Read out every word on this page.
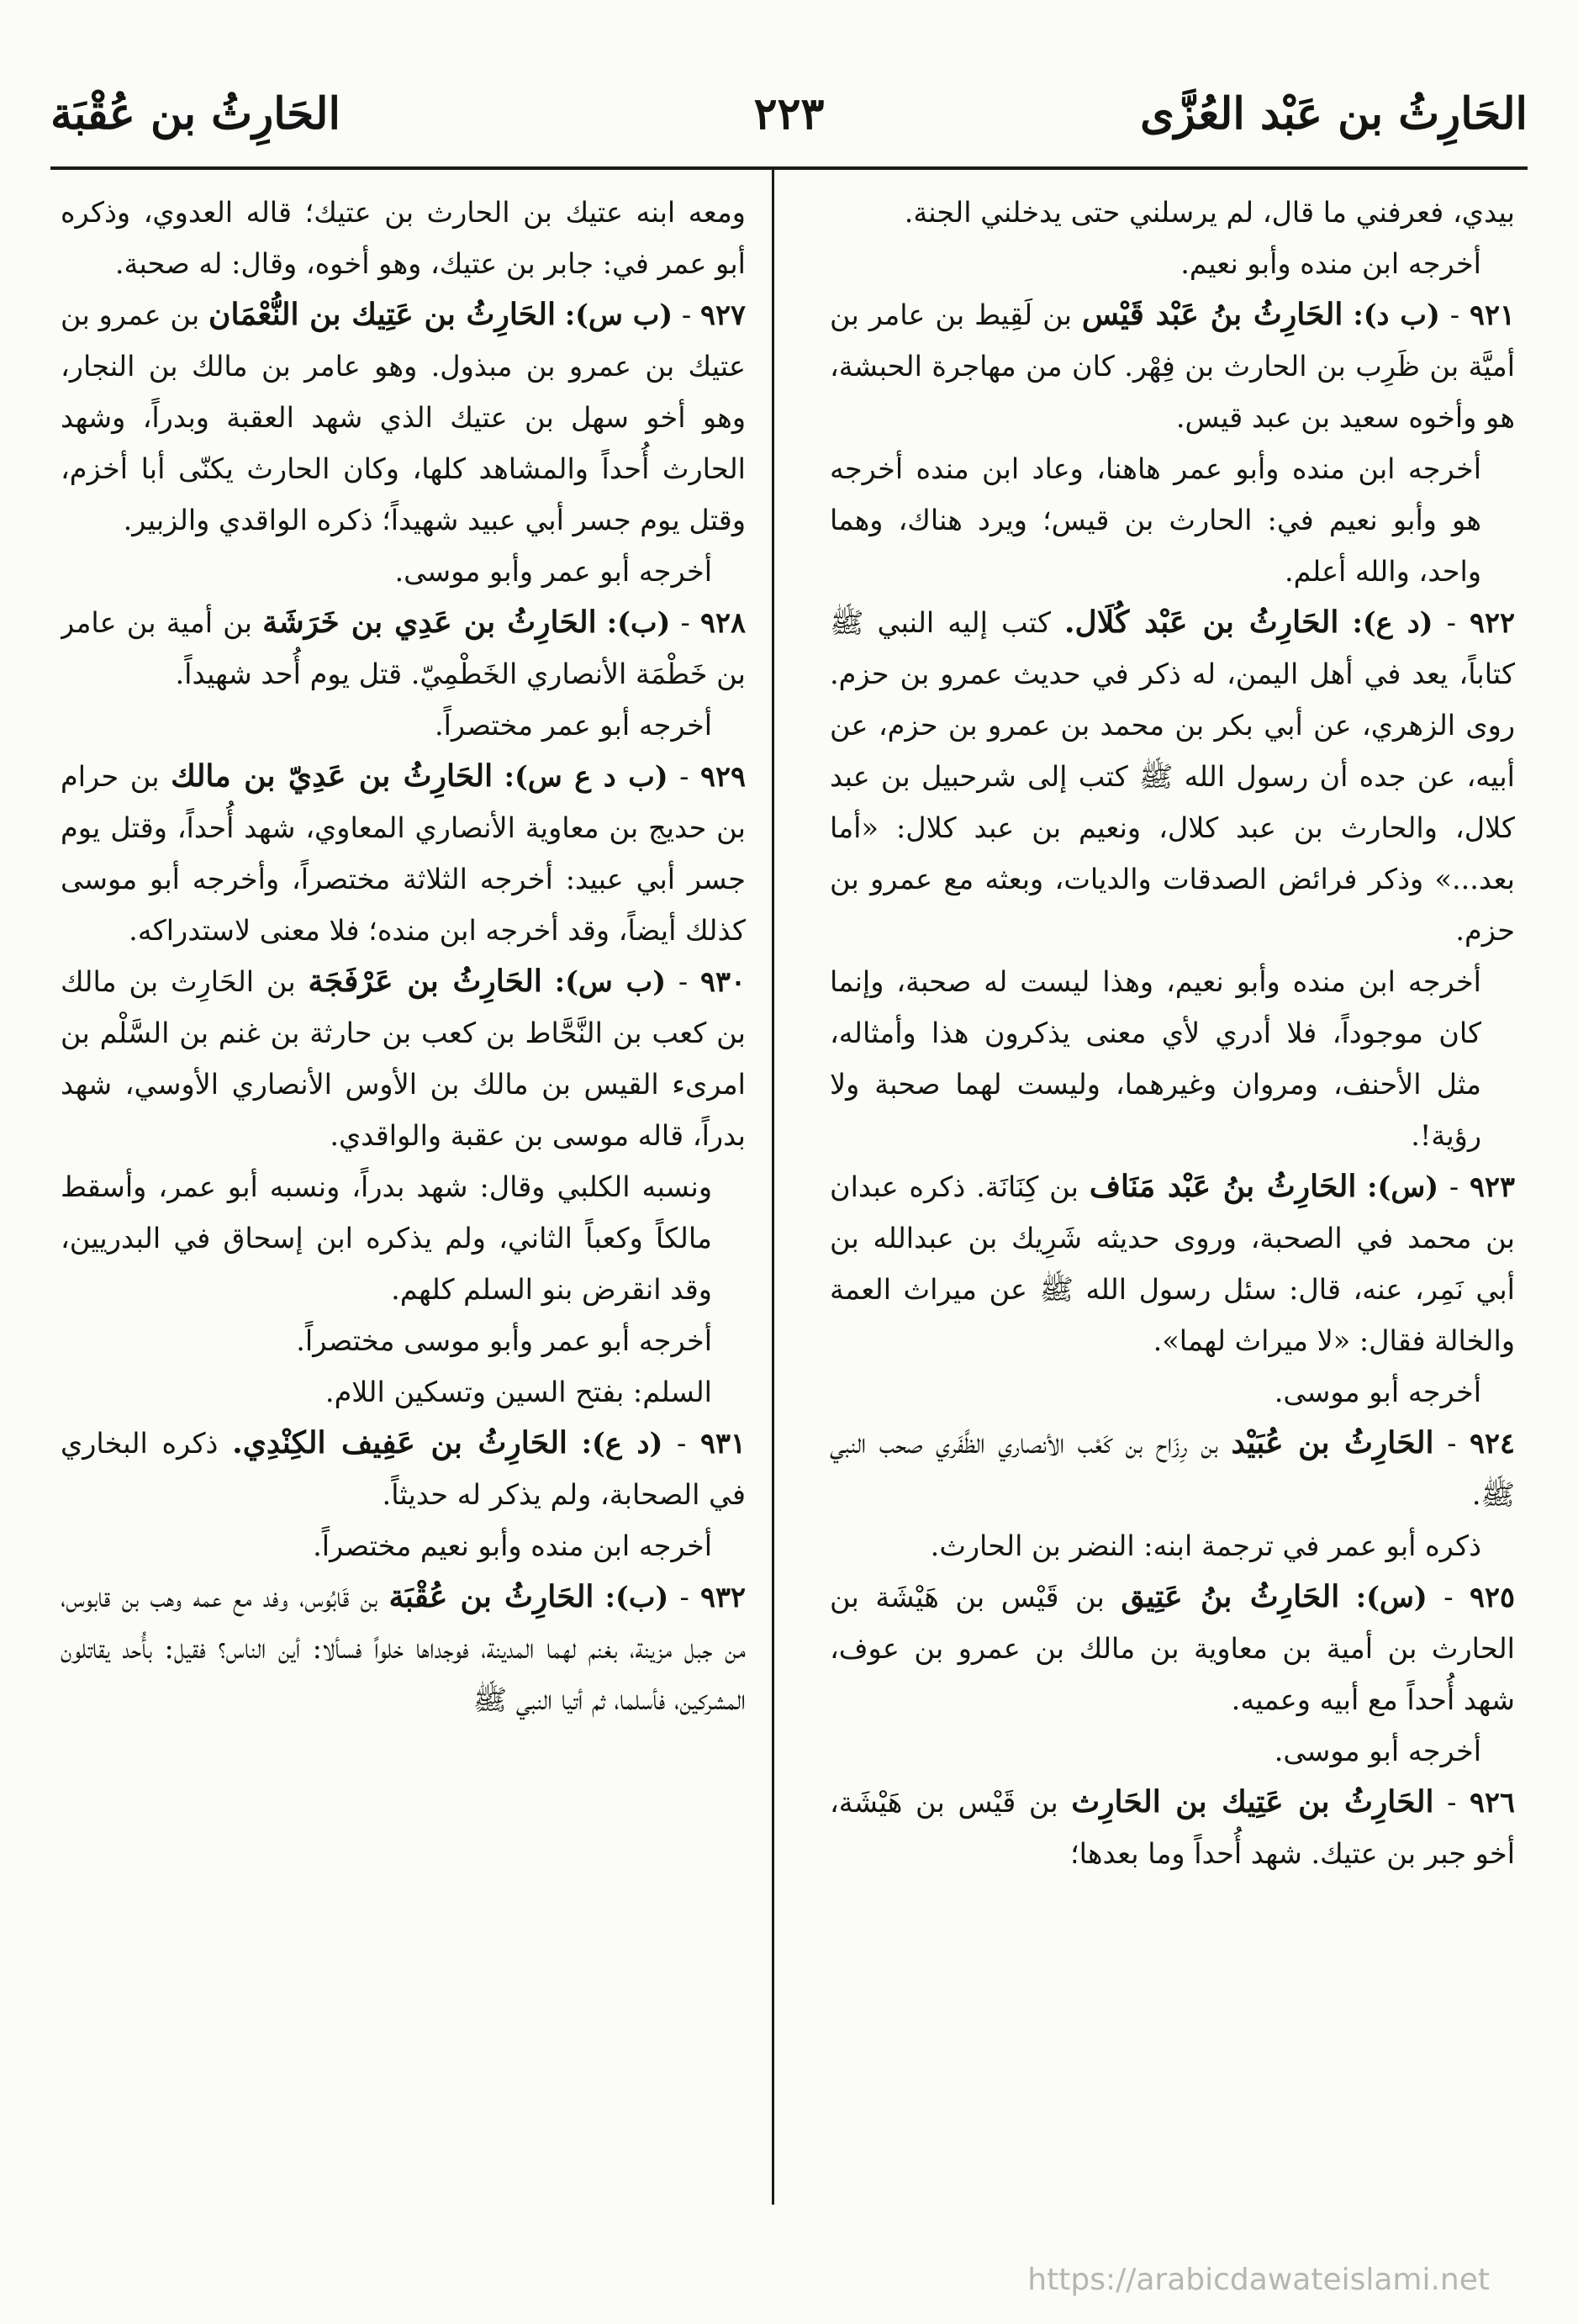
الحَارِثُ بن عَبْد العُزَّى
٢٢٣
الحَارِثُ بن عُقْبَة

بيدي، فعرفني ما قال، لم يرسلني حتى يدخلني الجنة.

أخرجه ابن منده وأبو نعيم.

٩٢١ - (ب د): الحَارِثُ بنُ عَبْد قَيْس بن لَقِيط بن عامر بن أميَّة بن ظَرِب بن الحارث بن فِهْر. كان من مهاجرة الحبشة، هو وأخوه سعيد بن عبد قيس.

أخرجه ابن منده وأبو عمر هاهنا، وعاد ابن منده أخرجه هو وأبو نعيم في: الحارث بن قيس؛ ويرد هناك، وهما واحد، والله أعلم.

٩٢٢ - (د ع): الحَارِثُ بن عَبْد كُلَال. كتب إليه النبي ﷺ كتاباً، يعد في أهل اليمن، له ذكر في حديث عمرو بن حزم. روى الزهري، عن أبي بكر بن محمد بن عمرو بن حزم، عن أبيه، عن جده أن رسول الله ﷺ كتب إلى شرحبيل بن عبد كلال، والحارث بن عبد كلال، ونعيم بن عبد كلال: «أما بعد...» وذكر فرائض الصدقات والديات، وبعثه مع عمرو بن حزم.

أخرجه ابن منده وأبو نعيم، وهذا ليست له صحبة، وإنما كان موجوداً، فلا أدري لأي معنى يذكرون هذا وأمثاله، مثل الأحنف، ومروان وغيرهما، وليست لهما صحبة ولا رؤية!.

٩٢٣ - (س): الحَارِثُ بنُ عَبْد مَنَاف بن كِنَانَة. ذكره عبدان بن محمد في الصحبة، وروى حديثه شَرِيك بن عبدالله بن أبي نَمِر، عنه، قال: سئل رسول الله ﷺ عن ميراث العمة والخالة فقال: «لا ميراث لهما».

أخرجه أبو موسى.

٩٢٤ - الحَارِثُ بن عُبَيْد بن رِزَاح بن كَعْب الأنصاري الظَّفَري صحب النبي ﷺ.

ذكره أبو عمر في ترجمة ابنه: النضر بن الحارث.

٩٢٥ - (س): الحَارِثُ بنُ عَتِيق بن قَيْس بن هَيْشَة بن الحارث بن أمية بن معاوية بن مالك بن عمرو بن عوف، شهد أُحداً مع أبيه وعميه.

أخرجه أبو موسى.

٩٢٦ - الحَارِثُ بن عَتِيك بن الحَارِث بن قَيْس بن هَيْشَة، أخو جبر بن عتيك. شهد أُحداً وما بعدها؛

ومعه ابنه عتيك بن الحارث بن عتيك؛ قاله العدوي، وذكره أبو عمر في: جابر بن عتيك، وهو أخوه، وقال: له صحبة.

٩٢٧ - (ب س): الحَارِثُ بن عَتِيك بن النُّعْمَان بن عمرو بن عتيك بن عمرو بن مبذول. وهو عامر بن مالك بن النجار، وهو أخو سهل بن عتيك الذي شهد العقبة وبدراً، وشهد الحارث أُحداً والمشاهد كلها، وكان الحارث يكنّى أبا أخزم، وقتل يوم جسر أبي عبيد شهيداً؛ ذكره الواقدي والزبير.

أخرجه أبو عمر وأبو موسى.

٩٢٨ - (ب): الحَارِثُ بن عَدِي بن خَرَشَة بن أمية بن عامر بن خَطْمَة الأنصاري الخَطْمِيّ. قتل يوم أُحد شهيداً.

أخرجه أبو عمر مختصراً.

٩٢٩ - (ب د ع س): الحَارِثُ بن عَدِيّ بن مالك بن حرام بن حديج بن معاوية الأنصاري المعاوي، شهد أُحداً، وقتل يوم جسر أبي عبيد: أخرجه الثلاثة مختصراً، وأخرجه أبو موسى كذلك أيضاً، وقد أخرجه ابن منده؛ فلا معنى لاستدراكه.

٩٣٠ - (ب س): الحَارِثُ بن عَرْفَجَة بن الحَارِث بن مالك بن كعب بن النَّحَّاط بن كعب بن حارثة بن غنم بن السَّلْم بن امرىء القيس بن مالك بن الأوس الأنصاري الأوسي، شهد بدراً، قاله موسى بن عقبة والواقدي.

ونسبه الكلبي وقال: شهد بدراً، ونسبه أبو عمر، وأسقط مالكاً وكعباً الثاني، ولم يذكره ابن إسحاق في البدريين، وقد انقرض بنو السلم كلهم.

أخرجه أبو عمر وأبو موسى مختصراً.

السلم: بفتح السين وتسكين اللام.

٩٣١ - (د ع): الحَارِثُ بن عَفِيف الكِنْدِي. ذكره البخاري في الصحابة، ولم يذكر له حديثاً.

أخرجه ابن منده وأبو نعيم مختصراً.

٩٣٢ - (ب): الحَارِثُ بن عُقْبَة بن قَابُوس، وفد مع عمه وهب بن قابوس، من جبل مزينة، بغنم لهما المدينة، فوجداها خلواً فسألا: أين الناس؟ فقيل: بأُحد يقاتلون المشركين، فأسلما، ثم أتيا النبي ﷺ

https://arabicdawateislami.net
